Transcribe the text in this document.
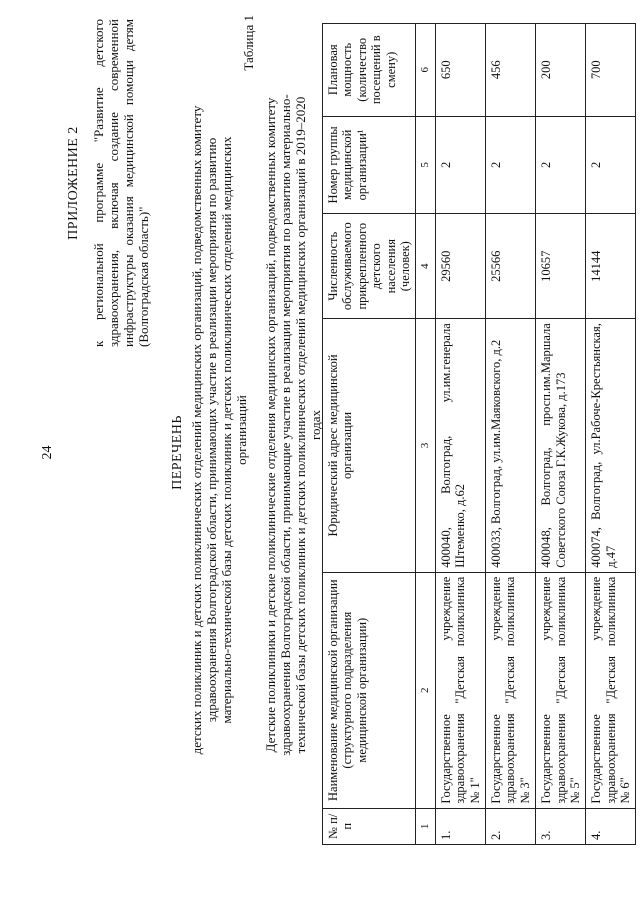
24
ПРИЛОЖЕНИЕ 2 к региональной программе "Развитие детского здравоохранения, включая создание современной инфраструктуры оказания медицинской помощи детям (Волгоградская область)"
ПЕРЕЧЕНЬ детских поликлиник и детских поликлинических отделений медицинских организаций, подведомственных комитету здравоохранения Волгоградской области, принимающих участие в реализации мероприятия по развитию материально-технической базы детских поликлиник и детских поликлинических отделений медицинских организаций
Таблица 1
Детские поликлиники и детские поликлинические отделения медицинских организаций, подведомственных комитету здравоохранения Волгоградской области, принимающие участие в реализации мероприятия по развитию материально-технической базы детских поликлиник и детских поликлинических отделений медицинских организаций в 2019–2020 годах
№ п/п	Наименование медицинской организации (структурного подразделения медицинской организации)	Юридический адрес медицинской организации	Численность обслуживаемого прикрепленного детского населения (человек)	Номер группы медицинской организации¹	Плановая мощность (количество посещений в смену)
1	2	3	4	5	6
1.	Государственное учреждение здравоохранения "Детская поликлиника № 1"	400040, Волгоград, ул.им.генерала Штеменко, д.62	29560	2	650
2.	Государственное учреждение здравоохранения "Детская поликлиника № 3"	400033, Волгоград, ул.им.Маяковского, д.2	25566	2	456
3.	Государственное учреждение здравоохранения "Детская поликлиника № 5"	400048, Волгоград, просп.им.Маршала Советского Союза Г.К.Жукова, д.173	10657	2	200
4.	Государственное учреждение здравоохранения "Детская поликлиника № 6"	400074, Волгоград, ул.Рабоче-Крестьянская, д.47	14144	2	700
